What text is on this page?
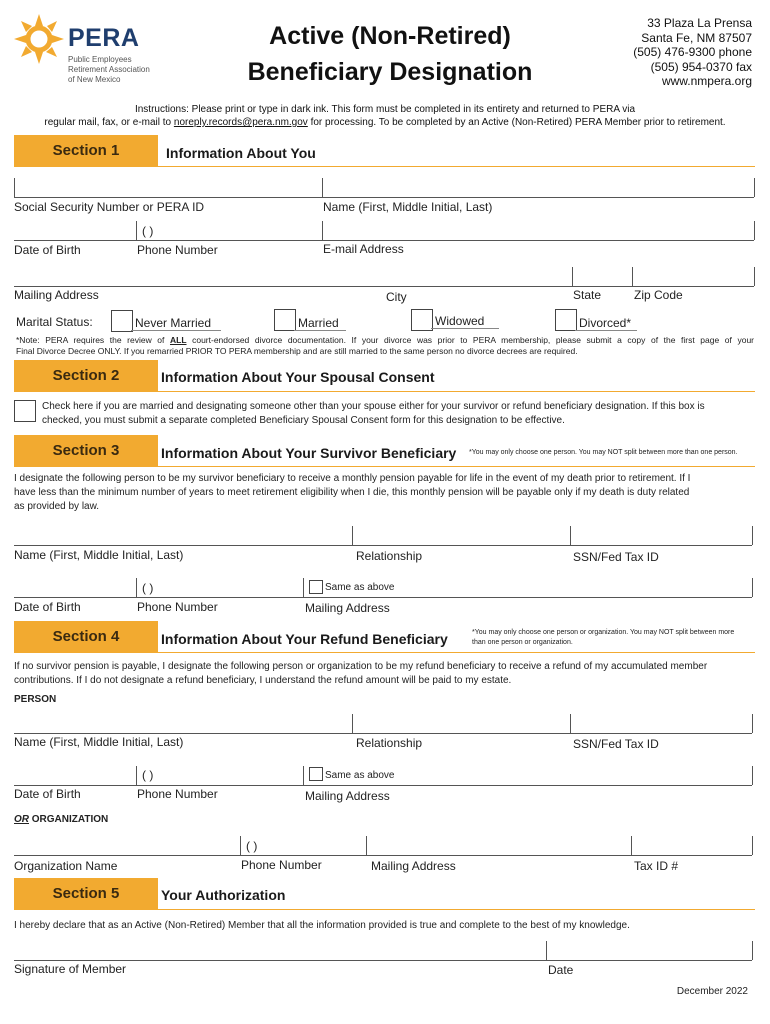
PERA
Public Employees
Retirement Association
of New Mexico
Active (Non-Retired)
Beneficiary Designation
33 Plaza La Prensa
Santa Fe, NM 87507
(505) 476-9300 phone
(505) 954-0370 fax
www.nmpera.org
Instructions: Please print or type in dark ink. This form must be completed in its entirety and returned to PERA via
regular mail, fax, or e-mail to noreply.records@pera.nm.gov for processing. To be completed by an Active (Non-Retired) PERA Member prior to retirement.
Section 1	Information About You
Social Security Number or PERA ID	Name (First, Middle Initial, Last)
( )
Date of Birth	Phone Number	E-mail Address
Mailing Address	City	State	Zip Code
Marital Status:	Never Married	Married	Widowed	Divorced*
*Note: PERA requires the review of ALL court-endorsed divorce documentation. If your divorce was prior to PERA membership, please submit a copy of the first page of your
Final Divorce Decree ONLY. If you remarried PRIOR TO PERA membership and are still married to the same person no divorce decrees are required.
Section 2	Information About Your Spousal Consent
Check here if you are married and designating someone other than your spouse either for your survivor or refund beneficiary designation. If this box is
checked, you must submit a separate completed Beneficiary Spousal Consent form for this designation to be effective.
Section 3	Information About Your Survivor Beneficiary *You may only choose one person. You may NOT split between more than one person.
I designate the following person to be my survivor beneficiary to receive a monthly pension payable for life in the event of my death prior to retirement. If I
have less than the minimum number of years to meet retirement eligibility when I die, this monthly pension will be payable only if my death is duty related
as provided by law.
Name (First, Middle Initial, Last)	Relationship	SSN/Fed Tax ID
( )	Same as above
Date of Birth	Phone Number	Mailing Address
Section 4	Information About Your Refund Beneficiary	*You may only choose one person or organization. You may NOT split between more
than one person or organization.
If no survivor pension is payable, I designate the following person or organization to be my refund beneficiary to receive a refund of my accumulated member
contributions. If I do not designate a refund beneficiary, I understand the refund amount will be paid to my estate.
PERSON
Name (First, Middle Initial, Last)	Relationship	SSN/Fed Tax ID
( )	Same as above
Date of Birth	Phone Number	Mailing Address
OR ORGANIZATION
( )
Organization Name	Phone Number	Mailing Address	Tax ID #
Section 5	Your Authorization
I hereby declare that as an Active (Non-Retired) Member that all the information provided is true and complete to the best of my knowledge.
Signature of Member	Date
December 2022
